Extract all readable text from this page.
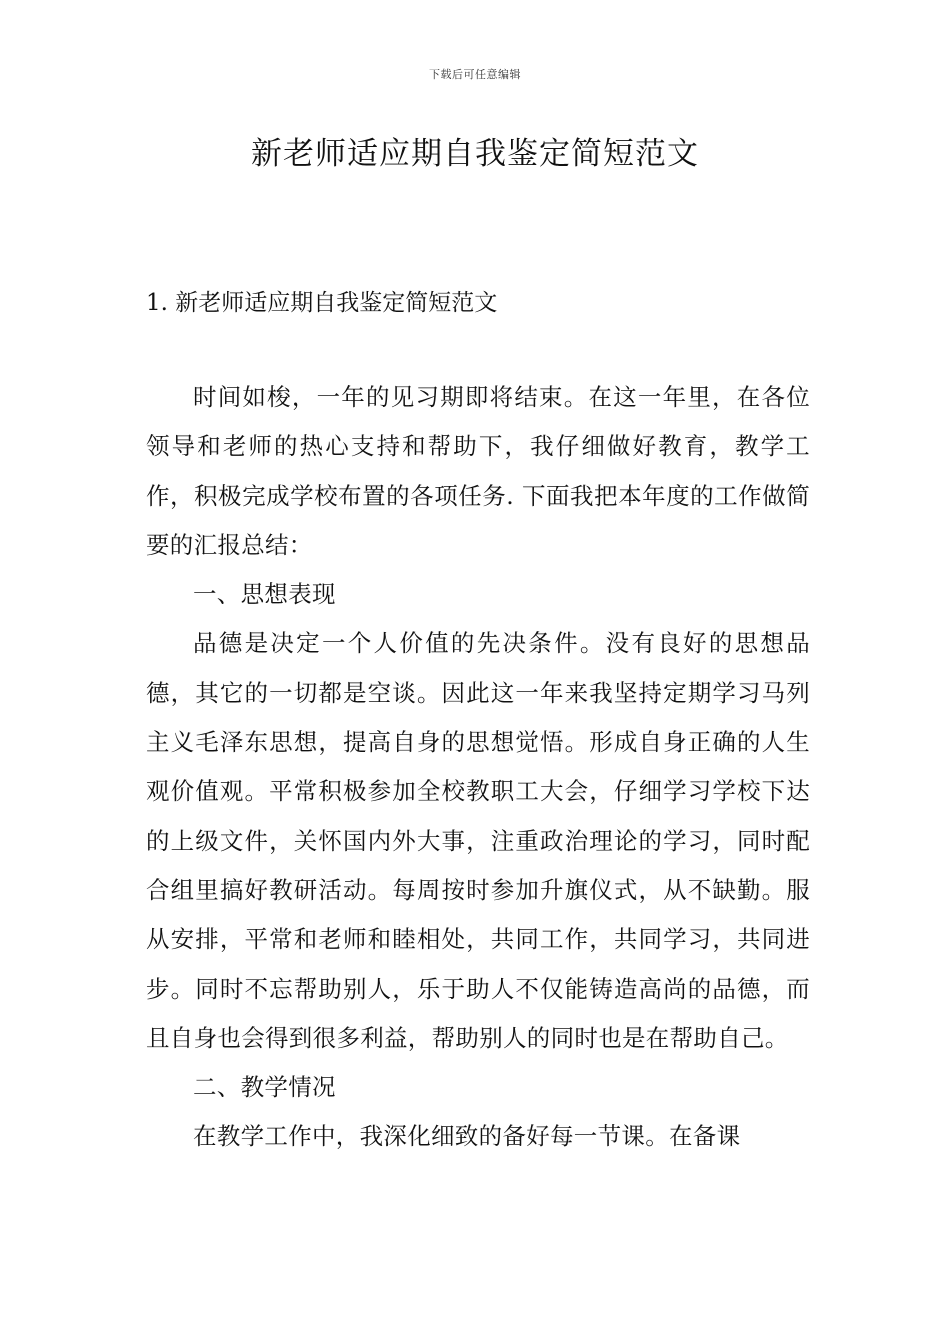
下载后可任意编辑
新老师适应期自我鉴定简短范文
1. 新老师适应期自我鉴定简短范文

时间如梭，一年的见习期即将结束。在这一年里，在各位领导和老师的热心支持和帮助下，我仔细做好教育，教学工作，积极完成学校布置的各项任务. 下面我把本年度的工作做简要的汇报总结：

一、思想表现

品德是决定一个人价值的先决条件。没有良好的思想品德，其它的一切都是空谈。因此这一年来我坚持定期学习马列主义毛泽东思想，提高自身的思想觉悟。形成自身正确的人生观价值观。平常积极参加全校教职工大会，仔细学习学校下达的上级文件，关怀国内外大事，注重政治理论的学习，同时配合组里搞好教研活动。每周按时参加升旗仪式，从不缺勤。服从安排，平常和老师和睦相处，共同工作，共同学习，共同进步。同时不忘帮助别人，乐于助人不仅能铸造高尚的品德，而且自身也会得到很多利益，帮助别人的同时也是在帮助自己。

二、教学情况

在教学工作中，我深化细致的备好每一节课。在备课
